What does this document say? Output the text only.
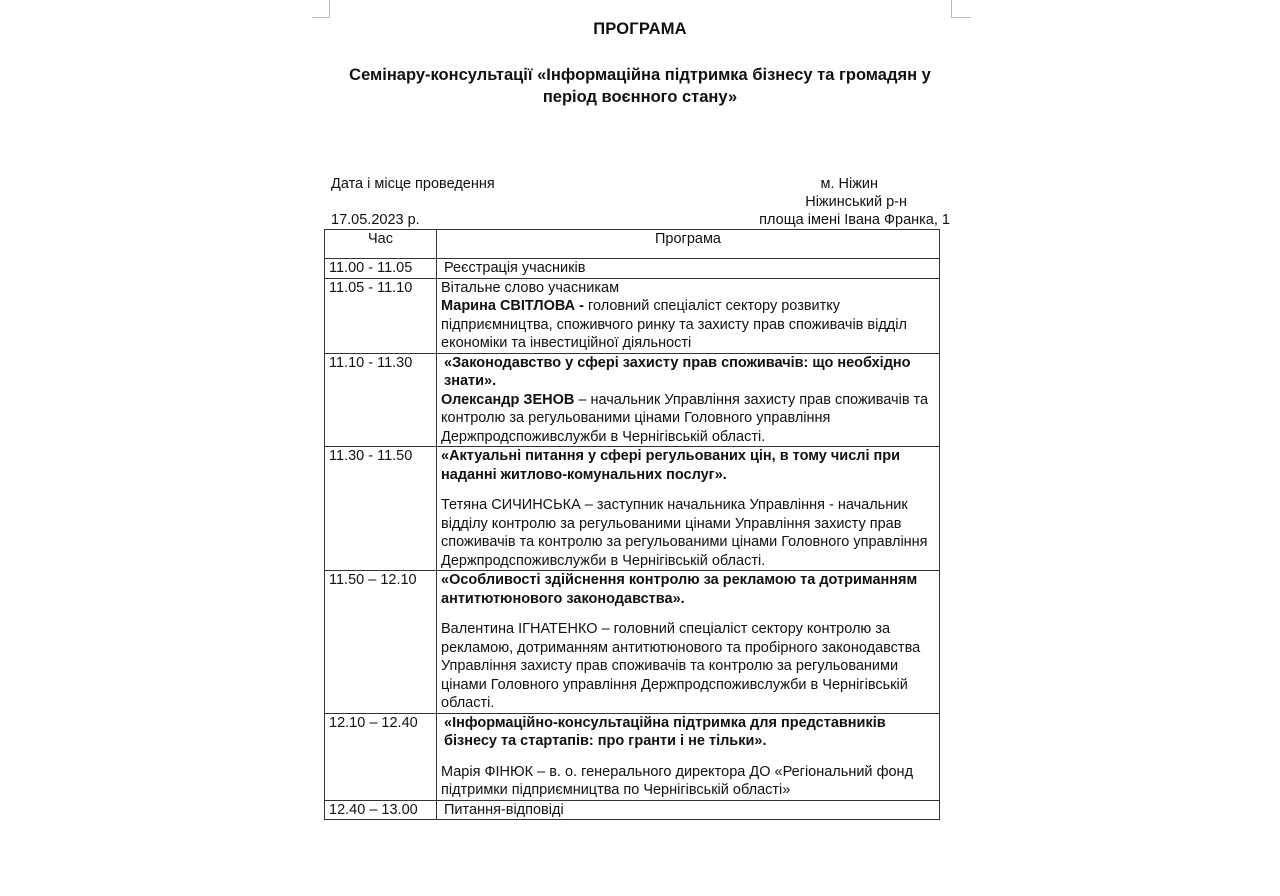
ПРОГРАМА
Семінару-консультації «Інформаційна підтримка бізнесу та громадян у
період воєнного стану»
Дата і місце проведення
17.05.2023 р.
м. Ніжин
Ніжинський р-н
площа імені Івана Франка, 1
Час	Програма
11.00 - 11.05	Реєстрація учасників

11.05 - 11.10	Вітальне слово учасникам
Марина СВІТЛОВА - головний спеціаліст сектору розвитку підприємництва, споживчого ринку та захисту прав споживачів відділ економіки та інвестиційної діяльності

11.10 - 11.30	«Законодавство у сфері захисту прав споживачів: що необхідно знати».
Олександр ЗЕНОВ – начальник Управління захисту прав споживачів та контролю за регульованими цінами Головного управління Держпродспоживслужби в Чернігівській області.

11.30 - 11.50	«Актуальні питання у сфері регульованих цін, в тому числі при наданні житлово-комунальних послуг».
Тетяна СИЧИНСЬКА – заступник начальника Управління - начальник відділу контролю за регульованими цінами Управління захисту прав споживачів та контролю за регульованими цінами Головного управління Держпродспоживслужби в Чернігівській області.

11.50 – 12.10	«Особливості здійснення контролю за рекламою та дотриманням антитютюнового законодавства».
Валентина ІГНАТЕНКО – головний спеціаліст сектору контролю за рекламою, дотриманням антитютюнового та пробірного законодавства Управління захисту прав споживачів та контролю за регульованими цінами Головного управління Держпродспоживслужби в Чернігівській області.

12.10 – 12.40	«Інформаційно-консультаційна підтримка для представників бізнесу та стартапів: про гранти і не тільки».
Марія ФІНЮК – в. о. генерального директора ДО «Регіональний фонд підтримки підприємництва по Чернігівській області»

12.40 – 13.00	Питання-відповіді
